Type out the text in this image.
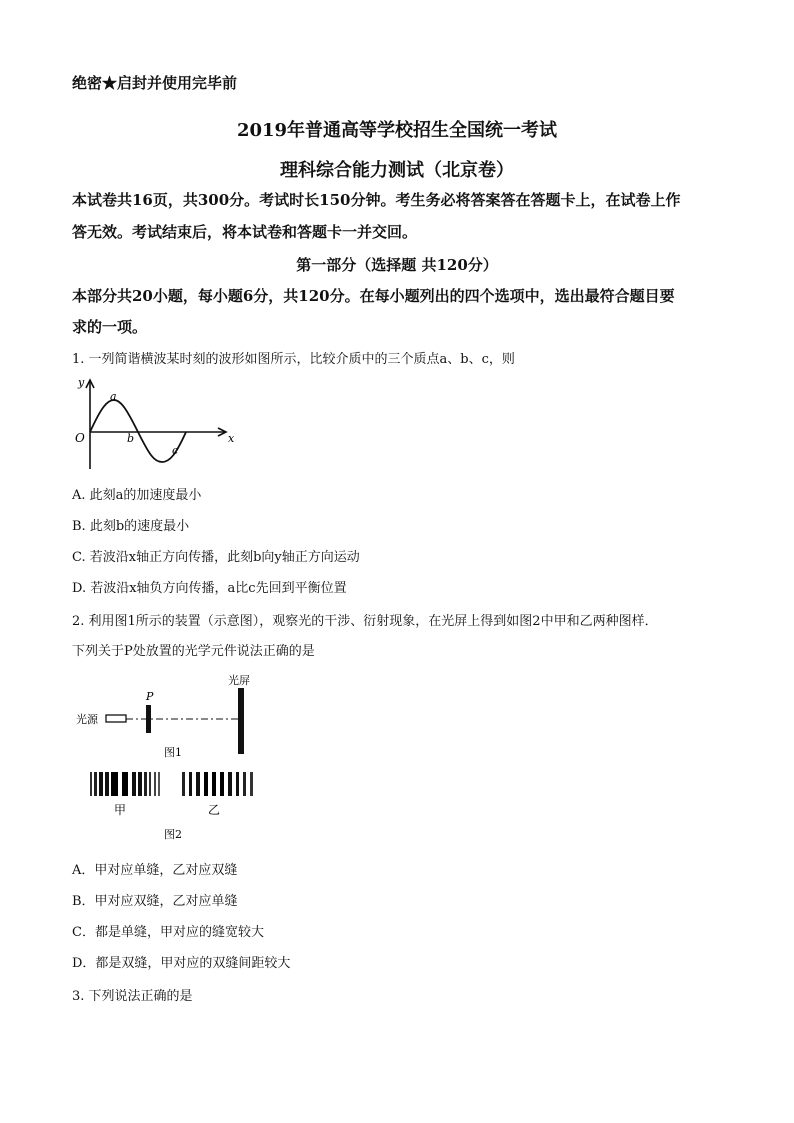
绝密★启封并使用完毕前
2019年普通高等学校招生全国统一考试
理科综合能力测试（北京卷）
本试卷共16页，共300分。考试时长150分钟。考生务必将答案答在答题卡上，在试卷上作
答无效。考试结束后，将本试卷和答题卡一并交回。
第一部分（选择题 共120分）
本部分共20小题，每小题6分，共120分。在每小题列出的四个选项中，选出最符合题目要
求的一项。
1. 一列简谐横波某时刻的波形如图所示，比较介质中的三个质点a、b、c，则
y
x
O
a
b
c
A. 此刻a的加速度最小
B. 此刻b的速度最小
C. 若波沿x轴正方向传播，此刻b向y轴正方向运动
D. 若波沿x轴负方向传播，a比c先回到平衡位置
2. 利用图1所示的装置（示意图），观察光的干涉、衍射现象，在光屏上得到如图2中甲和乙两种图样．
下列关于P处放置的光学元件说法正确的是
光源
P
光屏
图1
甲	乙
图2
A．甲对应单缝，乙对应双缝
B．甲对应双缝，乙对应单缝
C．都是单缝，甲对应的缝宽较大
D．都是双缝，甲对应的双缝间距较大
3. 下列说法正确的是
